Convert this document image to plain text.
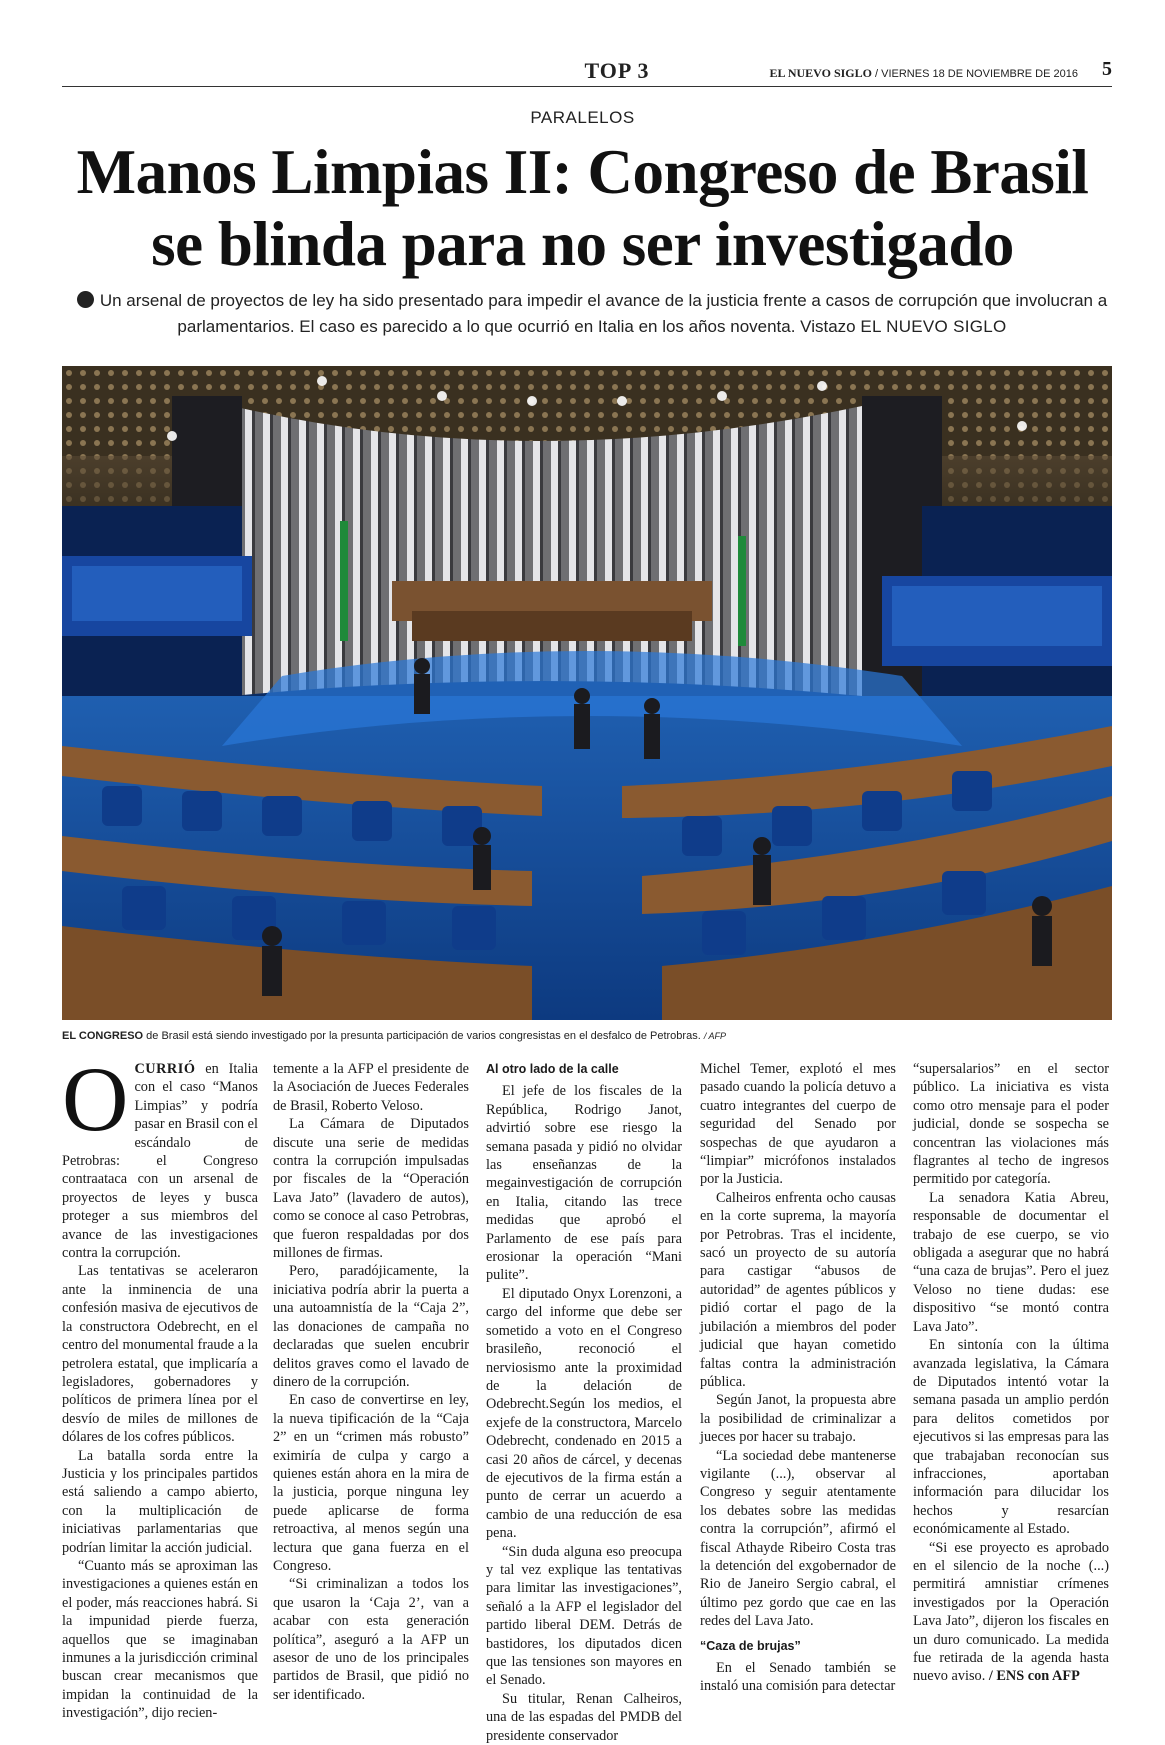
TOP 3	EL NUEVO SIGLO / VIERNES 18 DE NOVIEMBRE DE 2016 5
PARALELOS
Manos Limpias II: Congreso de Brasil
se blinda para no ser investigado

Un arsenal de proyectos de ley ha sido presentado para impedir el avance de la justicia frente a casos de corrupción que involucran a parlamentarios. El caso es parecido a lo que ocurrió en Italia en los años noventa. Vistazo EL NUEVO SIGLO

EL CONGRESO de Brasil está siendo investigado por la presunta participación de varios congresistas en el desfalco de Petrobras. / AFP

OCURRIÓ en Italia con el caso “Manos Limpias” y podría pasar en Brasil con el escándalo de Petrobras: el Congreso contraataca con un arsenal de proyectos de leyes y busca proteger a sus miembros del avance de las investigaciones contra la corrupción.

Las tentativas se aceleraron ante la inminencia de una confesión masiva de ejecutivos de la constructora Odebrecht, en el centro del monumental fraude a la petrolera estatal, que implicaría a legisladores, gobernadores y políticos de primera línea por el desvío de miles de millones de dólares de los cofres públicos.

La batalla sorda entre la Justicia y los principales partidos está saliendo a campo abierto, con la multiplicación de iniciativas parlamentarias que podrían limitar la acción judicial.

“Cuanto más se aproximan las investigaciones a quienes están en el poder, más reacciones habrá. Si la impunidad pierde fuerza, aquellos que se imaginaban inmunes a la jurisdicción criminal buscan crear mecanismos que impidan la continuidad de la investigación”, dijo recien-

temente a la AFP el presidente de la Asociación de Jueces Federales de Brasil, Roberto Veloso.

La Cámara de Diputados discute una serie de medidas contra la corrupción impulsadas por fiscales de la “Operación Lava Jato” (lavadero de autos), como se conoce al caso Petrobras, que fueron respaldadas por dos millones de firmas.

Pero, paradójicamente, la iniciativa podría abrir la puerta a una autoamnistía de la “Caja 2”, las donaciones de campaña no declaradas que suelen encubrir delitos graves como el lavado de dinero de la corrupción.

En caso de convertirse en ley, la nueva tipificación de la “Caja 2” en un “crimen más robusto” eximiría de culpa y cargo a quienes están ahora en la mira de la justicia, porque ninguna ley puede aplicarse de forma retroactiva, al menos según una lectura que gana fuerza en el Congreso.

“Si criminalizan a todos los que usaron la ‘Caja 2’, van a acabar con esta generación política”, aseguró a la AFP un asesor de uno de los principales partidos de Brasil, que pidió no ser identificado.

Al otro lado de la calle

El jefe de los fiscales de la República, Rodrigo Janot, advirtió sobre ese riesgo la semana pasada y pidió no olvidar las enseñanzas de la megainvestigación de corrupción en Italia, citando las trece medidas que aprobó el Parlamento de ese país para erosionar la operación “Mani pulite”.

El diputado Onyx Lorenzoni, a cargo del informe que debe ser sometido a voto en el Congreso brasileño, reconoció el nerviosismo ante la proximidad de la delación de Odebrecht.Según los medios, el exjefe de la constructora, Marcelo Odebrecht, condenado en 2015 a casi 20 años de cárcel, y decenas de ejecutivos de la firma están a punto de cerrar un acuerdo a cambio de una reducción de esa pena.

“Sin duda alguna eso preocupa y tal vez explique las tentativas para limitar las investigaciones”, señaló a la AFP el legislador del partido liberal DEM. Detrás de bastidores, los diputados dicen que las tensiones son mayores en el Senado.

Su titular, Renan Calheiros, una de las espadas del PMDB del presidente conservador

Michel Temer, explotó el mes pasado cuando la policía detuvo a cuatro integrantes del cuerpo de seguridad del Senado por sospechas de que ayudaron a “limpiar” micrófonos instalados por la Justicia.

Calheiros enfrenta ocho causas en la corte suprema, la mayoría por Petrobras. Tras el incidente, sacó un proyecto de su autoría para castigar “abusos de autoridad” de agentes públicos y pidió cortar el pago de la jubilación a miembros del poder judicial que hayan cometido faltas contra la administración pública.

Según Janot, la propuesta abre la posibilidad de criminalizar a jueces por hacer su trabajo.

“La sociedad debe mantenerse vigilante (...), observar al Congreso y seguir atentamente los debates sobre las medidas contra la corrupción”, afirmó el fiscal Athayde Ribeiro Costa tras la detención del exgobernador de Rio de Janeiro Sergio cabral, el último pez gordo que cae en las redes del Lava Jato.

“Caza de brujas”

En el Senado también se instaló una comisión para detectar

“supersalarios” en el sector público. La iniciativa es vista como otro mensaje para el poder judicial, donde se sospecha se concentran las violaciones más flagrantes al techo de ingresos permitido por categoría.

La senadora Katia Abreu, responsable de documentar el trabajo de ese cuerpo, se vio obligada a asegurar que no habrá “una caza de brujas”. Pero el juez Veloso no tiene dudas: ese dispositivo “se montó contra Lava Jato”.

En sintonía con la última avanzada legislativa, la Cámara de Diputados intentó votar la semana pasada un amplio perdón para delitos cometidos por ejecutivos si las empresas para las que trabajaban reconocían sus infracciones, aportaban información para dilucidar los hechos y resarcían económicamente al Estado.

“Si ese proyecto es aprobado en el silencio de la noche (...) permitirá amnistiar crímenes investigados por la Operación Lava Jato”, dijeron los fiscales en un duro comunicado. La medida fue retirada de la agenda hasta nuevo aviso. / ENS con AFP
